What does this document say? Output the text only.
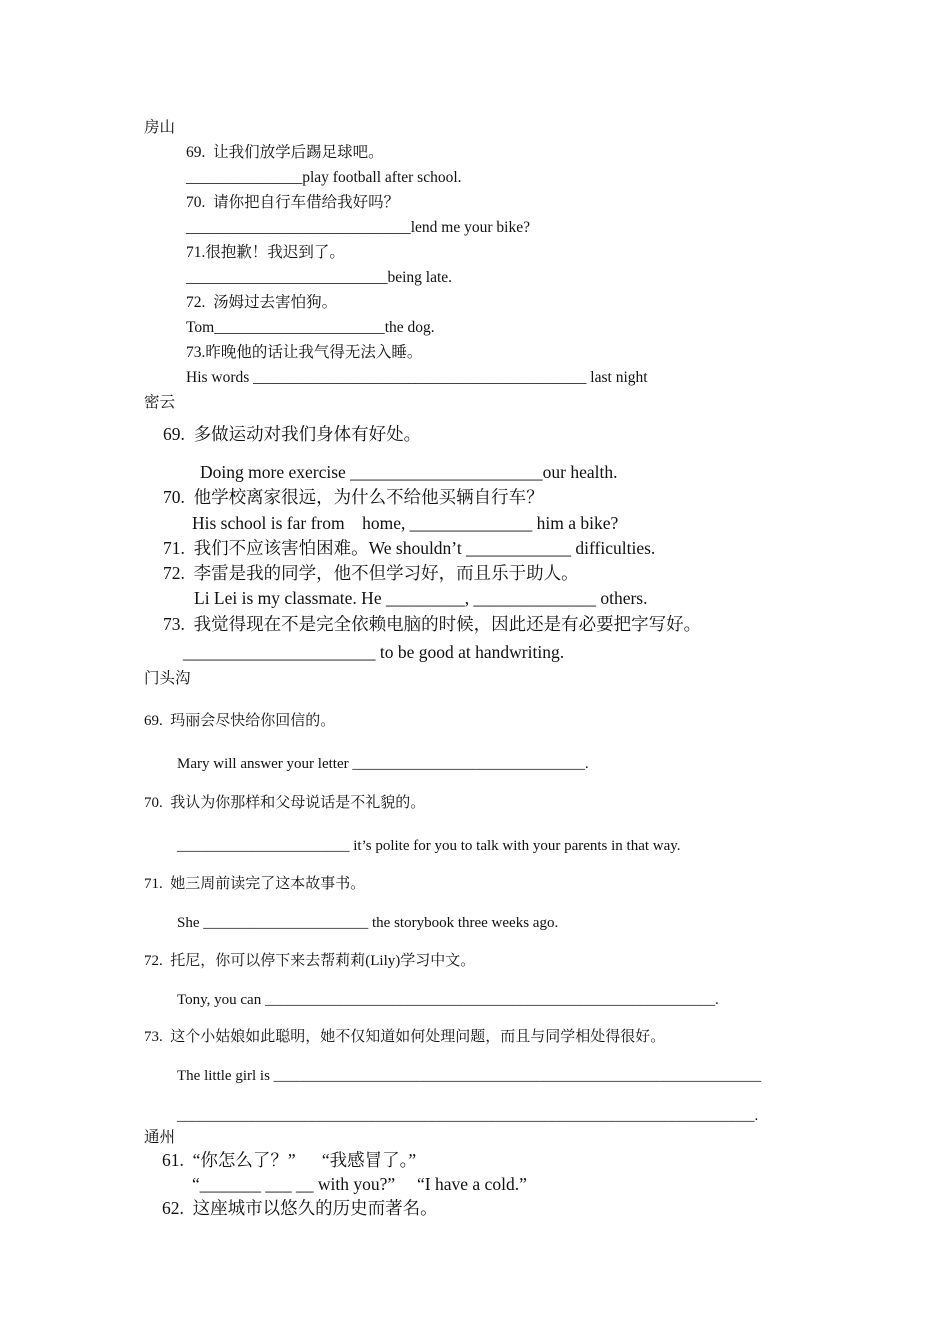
房山
69.  让我们放学后踢足球吧。
_______________play football after school.
70.  请你把自行车借给我好吗？
_____________________________lend me your bike?
71.很抱歉！我迟到了。
__________________________being late.
72.  汤姆过去害怕狗。
Tom______________________the dog.
73.昨晚他的话让我气得无法入睡。
His words ___________________________________________ last night
密云
69.  多做运动对我们身体有好处。
Doing more exercise ______________________our health.
70.  他学校离家很远，为什么不给他买辆自行车？
His school is far from    home, ______________ him a bike?
71.  我们不应该害怕困难。We shouldn’t ____________ difficulties.
72.  李雷是我的同学，他不但学习好，而且乐于助人。
Li Lei is my classmate. He _________, ______________ others.
73.  我觉得现在不是完全依赖电脑的时候，因此还是有必要把字写好。
______________________ to be good at handwriting.
门头沟
69.  玛丽会尽快给你回信的。
Mary will answer your letter _______________________________.
70.  我认为你那样和父母说话是不礼貌的。
_______________________ it’s polite for you to talk with your parents in that way.
71.  她三周前读完了这本故事书。
She ______________________ the storybook three weeks ago.
72.  托尼，你可以停下来去帮莉莉(Lily)学习中文。
Tony, you can ____________________________________________________________.
73.  这个小姑娘如此聪明，她不仅知道如何处理问题，而且与同学相处得很好。
The little girl is _________________________________________________________________
_____________________________________________________________________________.
通州
61.  “你怎么了？”      “我感冒了。”
“_______ ___ __ with you?”     “I have a cold.”
62.  这座城市以悠久的历史而著名。
